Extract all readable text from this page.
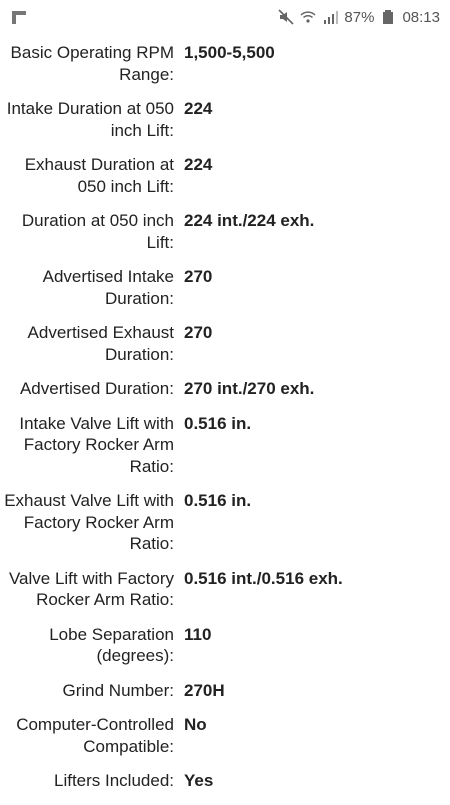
87% 08:13
Basic Operating RPM Range:
1,500-5,500
Intake Duration at 050 inch Lift:
224
Exhaust Duration at 050 inch Lift:
224
Duration at 050 inch Lift:
224 int./224 exh.
Advertised Intake Duration:
270
Advertised Exhaust Duration:
270
Advertised Duration: 270 int./270 exh.
Intake Valve Lift with Factory Rocker Arm Ratio:
0.516 in.
Exhaust Valve Lift with Factory Rocker Arm Ratio:
0.516 in.
Valve Lift with Factory Rocker Arm Ratio:
0.516 int./0.516 exh.
Lobe Separation (degrees):
110
Grind Number: 270H
Computer-Controlled Compatible:
No
Lifters Included: Yes
